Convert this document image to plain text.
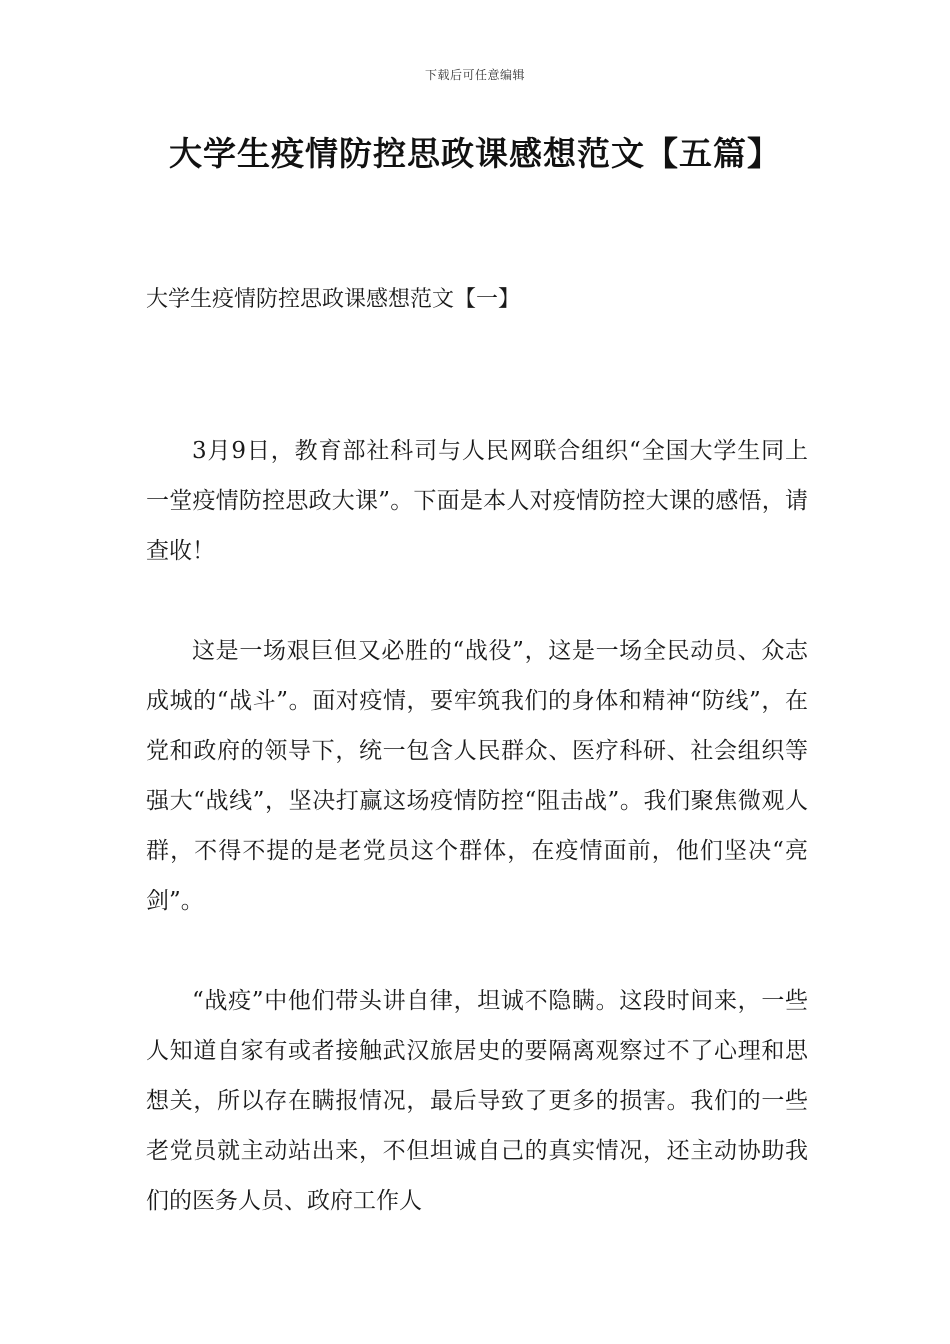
下载后可任意编辑
大学生疫情防控思政课感想范文【五篇】
大学生疫情防控思政课感想范文【一】

3月9日，教育部社科司与人民网联合组织“全国大学生同上一堂疫情防控思政大课”。下面是本人对疫情防控大课的感悟，请查收！

这是一场艰巨但又必胜的“战役”，这是一场全民动员、众志成城的“战斗”。面对疫情，要牢筑我们的身体和精神“防线”，在党和政府的领导下，统一包含人民群众、医疗科研、社会组织等强大“战线”，坚决打赢这场疫情防控“阻击战”。我们聚焦微观人群，不得不提的是老党员这个群体，在疫情面前，他们坚决“亮剑”。

“战疫”中他们带头讲自律，坦诚不隐瞒。这段时间来，一些人知道自家有或者接触武汉旅居史的要隔离观察过不了心理和思想关，所以存在瞒报情况，最后导致了更多的损害。我们的一些老党员就主动站出来，不但坦诚自己的真实情况，还主动协助我们的医务人员、政府工作人
